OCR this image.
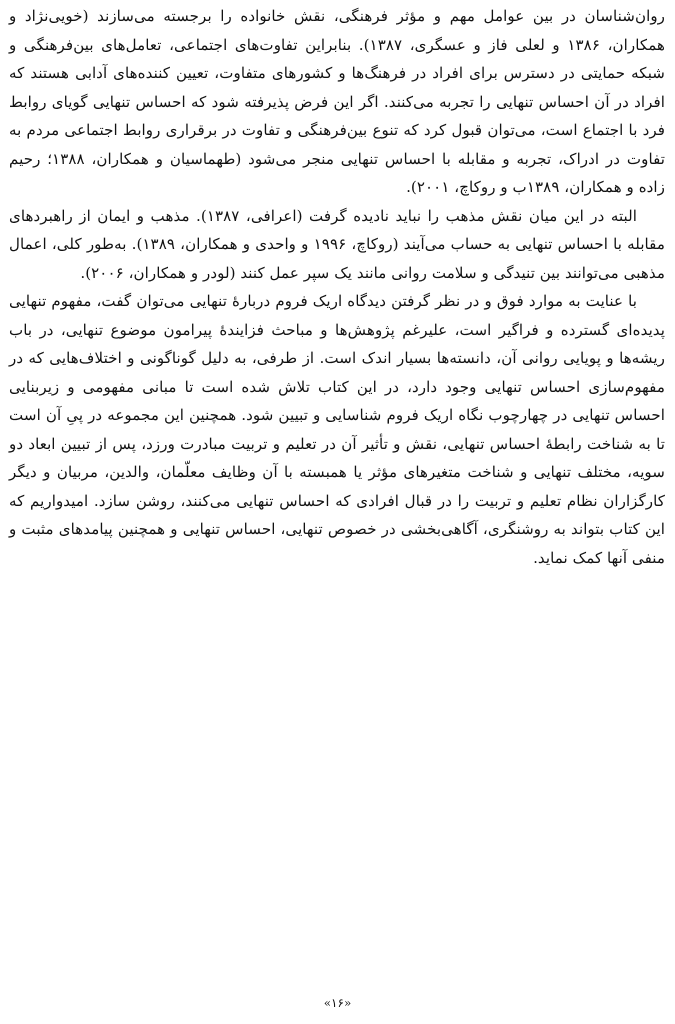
روان‌شناسان در بین عوامل مهم و مؤثر فرهنگی، نقش خانواده را برجسته می‌سازند (خویی‌نژاد و همکاران، ۱۳۸۶ و لعلی فاز و عسگری، ۱۳۸۷). بنابراین تفاوت‌های اجتماعی، تعامل‌های بین‌فرهنگی و شبکه حمایتی در دسترس برای افراد در فرهنگ‌ها و کشورهای متفاوت، تعیین کننده‌های آدابی هستند که افراد در آن احساس تنهایی را تجربه می‌کنند. اگر این فرض پذیرفته شود که احساس تنهایی گویای روابط فرد با اجتماع است، می‌توان قبول کرد که تنوع بین‌فرهنگی و تفاوت در برقراری روابط اجتماعی مردم به تفاوت در ادراک، تجربه و مقابله با احساس تنهایی منجر می‌شود (طهماسیان و همکاران، ۱۳۸۸؛ رحیم زاده و همکاران، ۱۳۸۹ب و روکاچ، ۲۰۰۱).

البته در این میان نقش مذهب را نباید نادیده گرفت (اعرافی، ۱۳۸۷). مذهب و ایمان از راهبردهای مقابله با احساس تنهایی به حساب می‌آیند (روکاچ، ۱۹۹۶ و واحدی و همکاران، ۱۳۸۹). به‌طور کلی، اعمال مذهبی می‌توانند بین تنیدگی و سلامت روانی مانند یک سپر عمل کنند (لودر و همکاران، ۲۰۰۶).

با عنایت به موارد فوق و در نظر گرفتن دیدگاه اریک فروم دربارهٔ تنهایی می‌توان گفت، مفهوم تنهایی پدیده‌ای گسترده و فراگیر است، علیرغم پژوهش‌ها و مباحث فزایندهٔ پیرامون موضوع تنهایی، در باب ریشه‌ها و پویایی روانی آن، دانسته‌ها بسیار اندک است. از طرفی، به دلیل گوناگونی و اختلاف‌هایی که در مفهوم‌سازی احساس تنهایی وجود دارد، در این کتاب تلاش شده است تا مبانی مفهومی و زیربنایی احساس تنهایی در چهارچوب نگاه اریک فروم شناسایی و تبیین شود. همچنین این مجموعه در پیِ آن است تا به شناخت رابطهٔ احساس تنهایی، نقش و تأثیر آن در تعلیم و تربیت مبادرت ورزد، پس از تبیین ابعاد دو سویه، مختلف تنهایی و شناخت متغیرهای مؤثر یا همبسته با آن وظایف معلّمان، والدین، مربیان و دیگر کارگزاران نظام تعلیم و تربیت را در قبال افرادی که احساس تنهایی می‌کنند، روشن سازد. امیدواریم که این کتاب بتواند به روشنگری، آگاهی‌بخشی در خصوص تنهایی، احساس تنهایی و همچنین پیامدهای مثبت و منفی آنها کمک نماید.

«۱۶»
